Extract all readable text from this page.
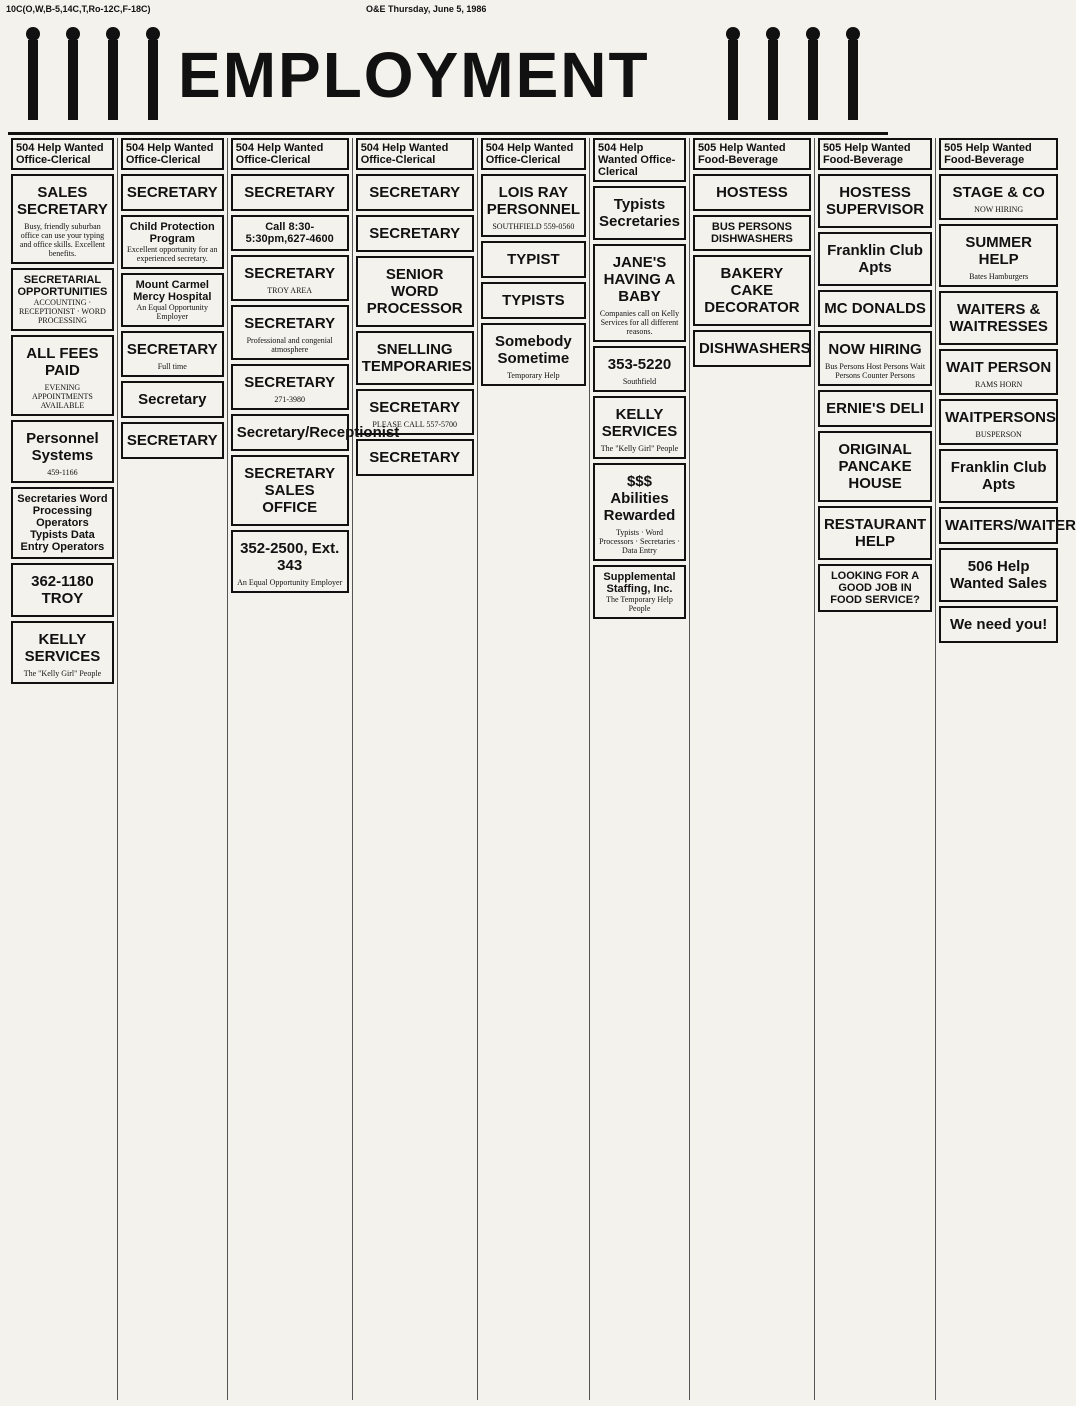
10C(O,W,B-5,14C,T,Ro-12C,F-18C)	O&E Thursday, June 5, 1986
EMPLOYMENT
504 Help Wanted Office-Clerical
SALES SECRETARY
Busy, friendly suburban office can use your typing and office skills. Excellent benefits.
SECRETARIAL OPPORTUNITIES
ACCOUNTING · RECEPTIONIST · WORD PROCESSING
ALL FEES PAID
EVENING APPOINTMENTS AVAILABLE
Personnel Systems
459-1166
Secretaries Word Processing Operators Typists Data Entry Operators
362-1180 TROY
KELLY SERVICES
The "Kelly Girl" People
504 Help Wanted Office-Clerical
SECRETARY
Child Protection Program
Excellent opportunity for an experienced secretary.
Mount Carmel Mercy Hospital
An Equal Opportunity Employer
SECRETARY
Full time
Secretary
SECRETARY
504 Help Wanted Office-Clerical
SECRETARY
Call 8:30-5:30pm,627-4600
SECRETARY
TROY AREA
SECRETARY
Professional and congenial atmosphere
SECRETARY
271-3980
Secretary/Receptionist
SECRETARY SALES OFFICE
352-2500, Ext. 343
An Equal Opportunity Employer
504 Help Wanted Office-Clerical
SECRETARY
SECRETARY
SENIOR WORD PROCESSOR
SNELLING TEMPORARIES
SECRETARY
PLEASE CALL 557-5700
SECRETARY
504 Help Wanted Office-Clerical
LOIS RAY PERSONNEL
SOUTHFIELD 559-0560
TYPIST
TYPISTS
Somebody Sometime
Temporary Help
504 Help Wanted Office-Clerical
Typists Secretaries
JANE'S HAVING A BABY
Companies call on Kelly Services for all different reasons.
353-5220
Southfield
KELLY SERVICES
The "Kelly Girl" People
$$$ Abilities Rewarded
Typists · Word Processors · Secretaries · Data Entry
Supplemental Staffing, Inc.
The Temporary Help People
505 Help Wanted Food-Beverage
HOSTESS
BUS PERSONS DISHWASHERS
BAKERY CAKE DECORATOR
DISHWASHERS
505 Help Wanted Food-Beverage
HOSTESS SUPERVISOR
Franklin Club Apts
MC DONALDS
NOW HIRING
Bus Persons Host Persons Wait Persons Counter Persons
ERNIE'S DELI
ORIGINAL PANCAKE HOUSE
RESTAURANT HELP
LOOKING FOR A GOOD JOB IN FOOD SERVICE?
505 Help Wanted Food-Beverage
STAGE & CO
NOW HIRING
SUMMER HELP
Bates Hamburgers
WAITERS & WAITRESSES
WAIT PERSON
RAMS HORN
WAITPERSONS
BUSPERSON
Franklin Club Apts
WAITERS/WAITER
506 Help Wanted Sales
We need you!
